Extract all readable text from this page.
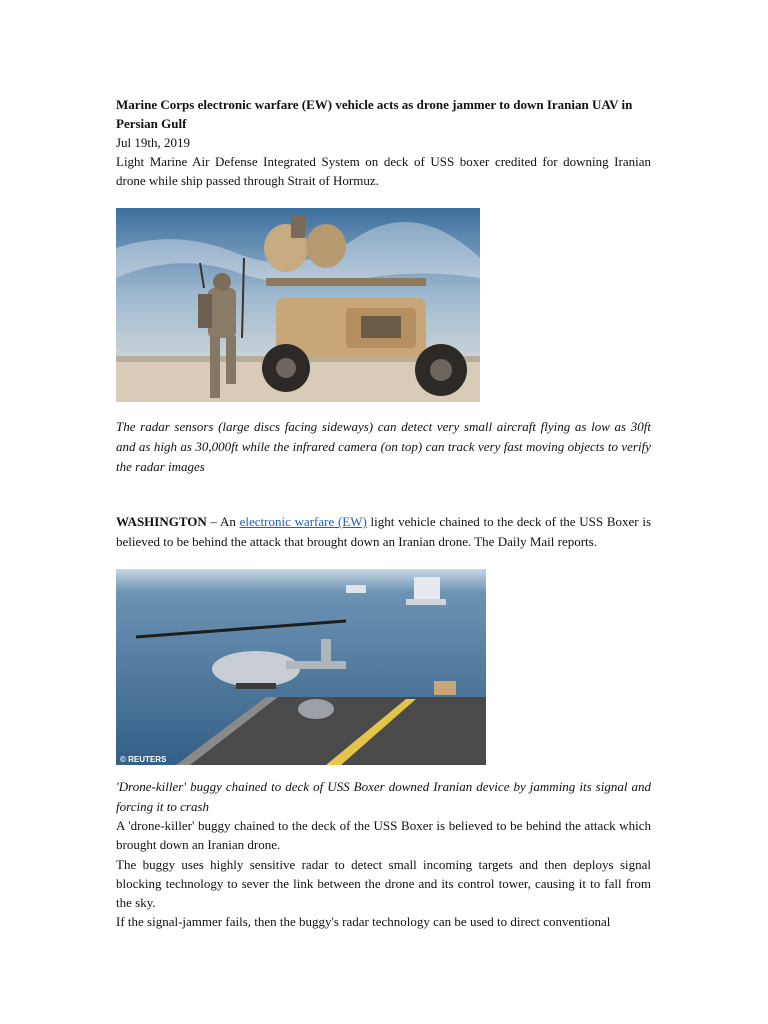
Marine Corps electronic warfare (EW) vehicle acts as drone jammer to down Iranian UAV in Persian Gulf
Jul 19th, 2019
Light Marine Air Defense Integrated System on deck of USS boxer credited for downing Iranian drone while ship passed through Strait of Hormuz.
The radar sensors (large discs facing sideways) can detect very small aircraft flying as low as 30ft and as high as 30,000ft while the infrared camera (on top) can track very fast moving objects to verify the radar images
WASHINGTON – An electronic warfare (EW) light vehicle chained to the deck of the USS Boxer is believed to be behind the attack that brought down an Iranian drone. The Daily Mail reports.
© REUTERS
'Drone-killer' buggy chained to deck of USS Boxer downed Iranian device by jamming its signal and forcing it to crash

A 'drone-killer' buggy chained to the deck of the USS Boxer is believed to be behind the attack which brought down an Iranian drone.

The buggy uses highly sensitive radar to detect small incoming targets and then deploys signal blocking technology to sever the link between the drone and its control tower, causing it to fall from the sky.

If the signal-jammer fails, then the buggy's radar technology can be used to direct conventional
